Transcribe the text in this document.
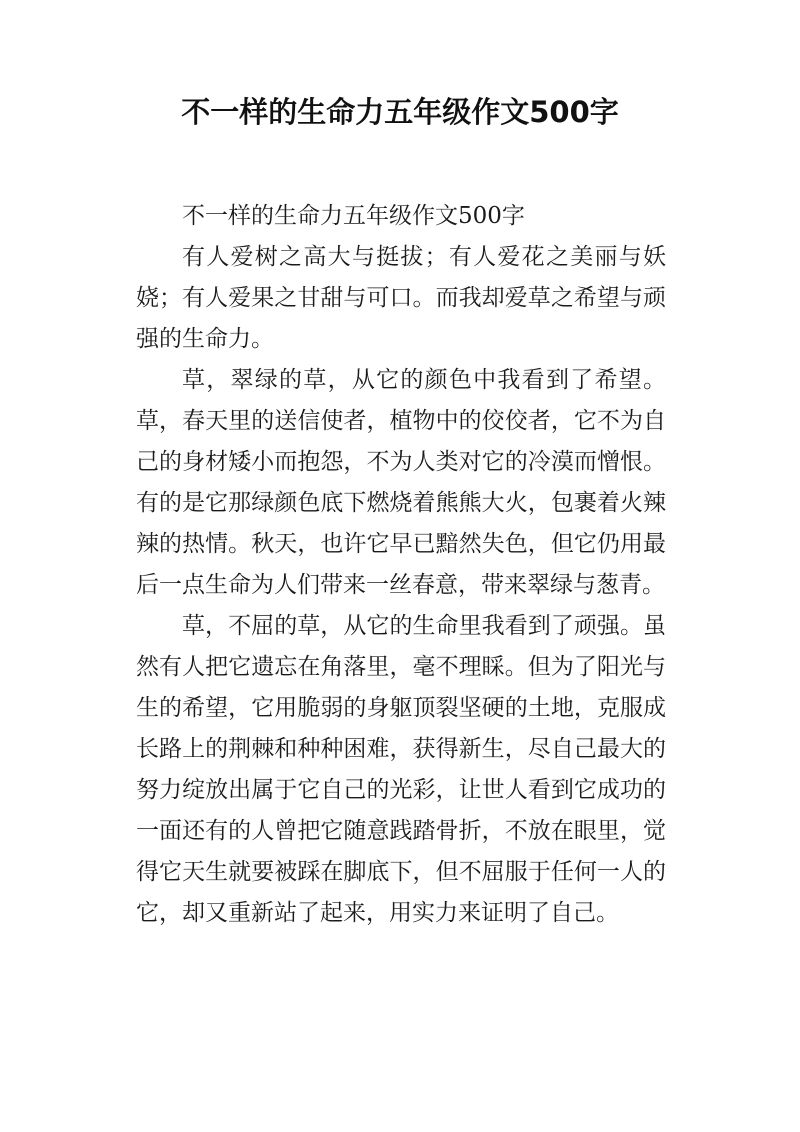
不一样的生命力五年级作文500字

不一样的生命力五年级作文500字

有人爱树之高大与挺拔；有人爱花之美丽与妖娆；有人爱果之甘甜与可口。而我却爱草之希望与顽强的生命力。

草，翠绿的草，从它的颜色中我看到了希望。草，春天里的送信使者，植物中的佼佼者，它不为自己的身材矮小而抱怨，不为人类对它的冷漠而憎恨。有的是它那绿颜色底下燃烧着熊熊大火，包裹着火辣辣的热情。秋天，也许它早已黯然失色，但它仍用最后一点生命为人们带来一丝春意，带来翠绿与葱青。

草，不屈的草，从它的生命里我看到了顽强。虽然有人把它遗忘在角落里，毫不理睬。但为了阳光与生的希望，它用脆弱的身躯顶裂坚硬的土地，克服成长路上的荆棘和种种困难，获得新生，尽自己最大的努力绽放出属于它自己的光彩，让世人看到它成功的一面还有的人曾把它随意践踏骨折，不放在眼里，觉得它天生就要被踩在脚底下，但不屈服于任何一人的它，却又重新站了起来，用实力来证明了自己。
